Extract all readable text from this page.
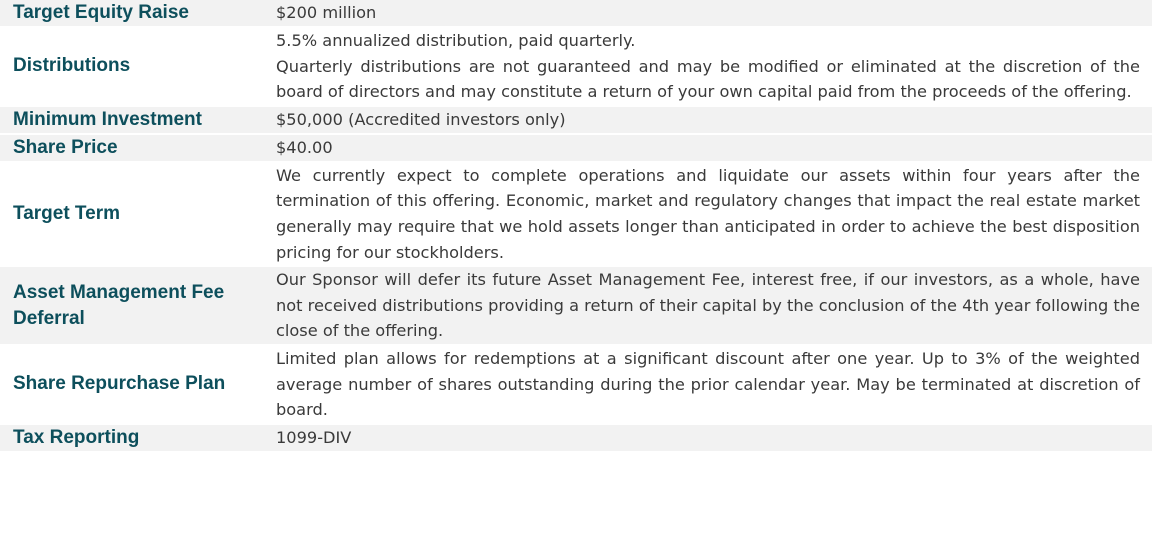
Target Equity Raise	$200 million

Distributions	5.5% annualized distribution, paid quarterly.
Quarterly distributions are not guaranteed and may be modified or eliminated at the discretion of the board of directors and may constitute a return of your own capital paid from the proceeds of the offering.

Minimum Investment	$50,000 (Accredited investors only)

Share Price	$40.00

Target Term	We currently expect to complete operations and liquidate our assets within four years after the termination of this offering. Economic, market and regulatory changes that impact the real estate market generally may require that we hold assets longer than anticipated in order to achieve the best disposition pricing for our stockholders.

Asset Management Fee Deferral	Our Sponsor will defer its future Asset Management Fee, interest free, if our investors, as a whole, have not received distributions providing a return of their capital by the conclusion of the 4th year following the close of the offering.

Share Repurchase Plan	Limited plan allows for redemptions at a significant discount after one year. Up to 3% of the weighted average number of shares outstanding during the prior calendar year. May be terminated at discretion of board.

Tax Reporting	1099-DIV
